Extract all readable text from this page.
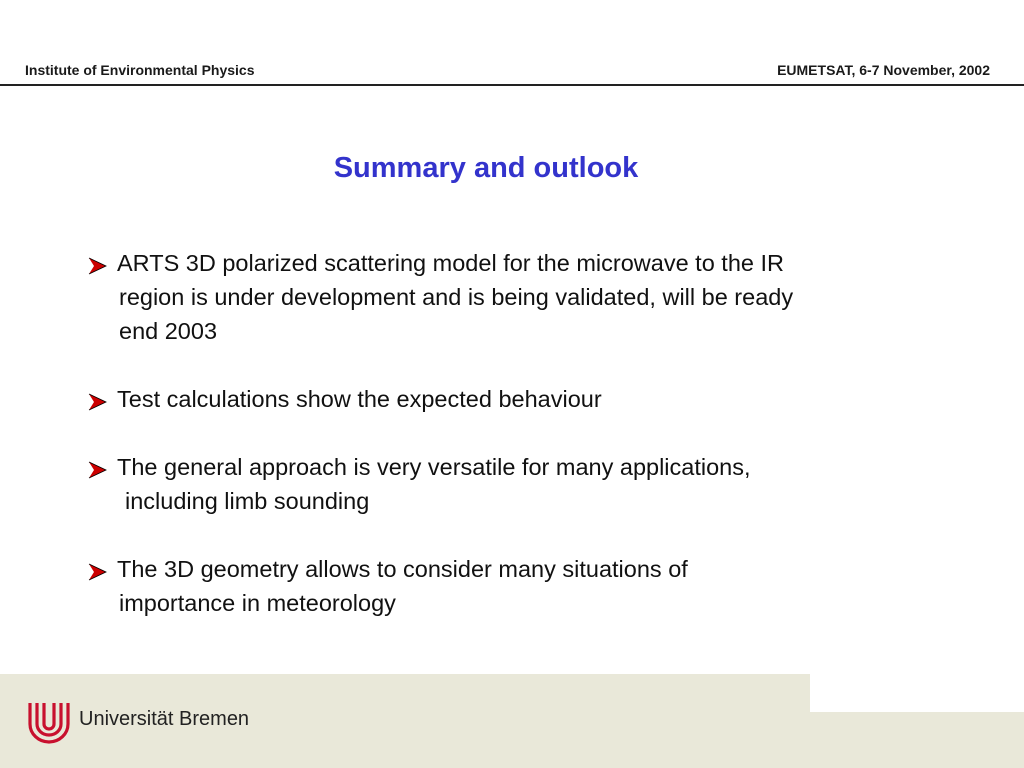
Institute of Environmental Physics	EUMETSAT, 6-7 November, 2002
Summary and outlook
ARTS 3D polarized scattering model for the microwave to the IR
region is under development and is being validated, will be ready
end 2003
Test calculations show the expected behaviour
The general approach is very versatile for many applications,
including limb sounding
The 3D geometry allows to consider many situations of
importance in meteorology
Universität Bremen
